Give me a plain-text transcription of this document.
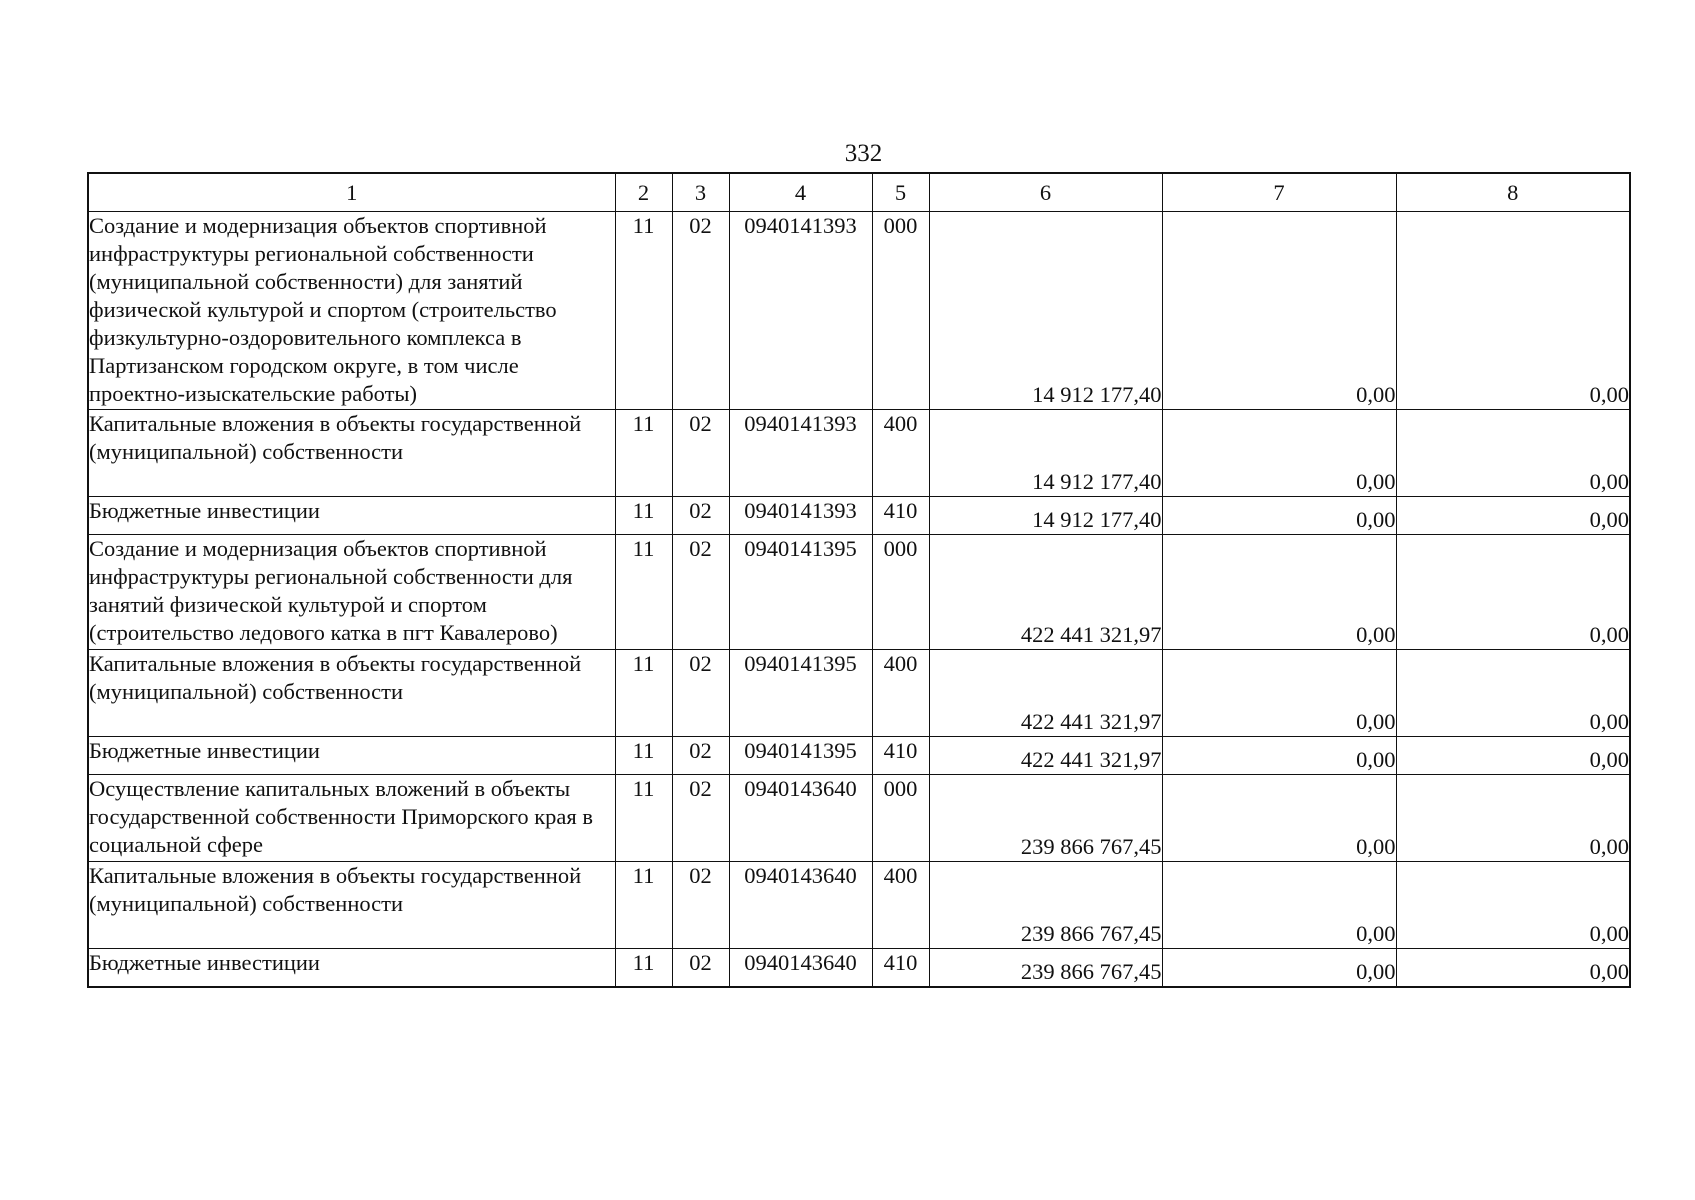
332
1	2	3	4	5	6	7	8
Создание и модернизация объектов спортивной инфраструктуры региональной собственности (муниципальной собственности) для занятий физической культурой и спортом (строительство физкультурно-оздоровительного комплекса в Партизанском городском округе, в том числе проектно-изыскательские работы)	11	02	0940141393	000	14 912 177,40	0,00	0,00
Капитальные вложения в объекты государственной (муниципальной) собственности	11	02	0940141393	400	14 912 177,40	0,00	0,00
Бюджетные инвестиции	11	02	0940141393	410	14 912 177,40	0,00	0,00
Создание и модернизация объектов спортивной инфраструктуры региональной собственности для занятий физической культурой и спортом (строительство ледового катка в пгт Кавалерово)	11	02	0940141395	000	422 441 321,97	0,00	0,00
Капитальные вложения в объекты государственной (муниципальной) собственности	11	02	0940141395	400	422 441 321,97	0,00	0,00
Бюджетные инвестиции	11	02	0940141395	410	422 441 321,97	0,00	0,00
Осуществление капитальных вложений в объекты государственной собственности Приморского края в социальной сфере	11	02	0940143640	000	239 866 767,45	0,00	0,00
Капитальные вложения в объекты государственной (муниципальной) собственности	11	02	0940143640	400	239 866 767,45	0,00	0,00
Бюджетные инвестиции	11	02	0940143640	410	239 866 767,45	0,00	0,00
